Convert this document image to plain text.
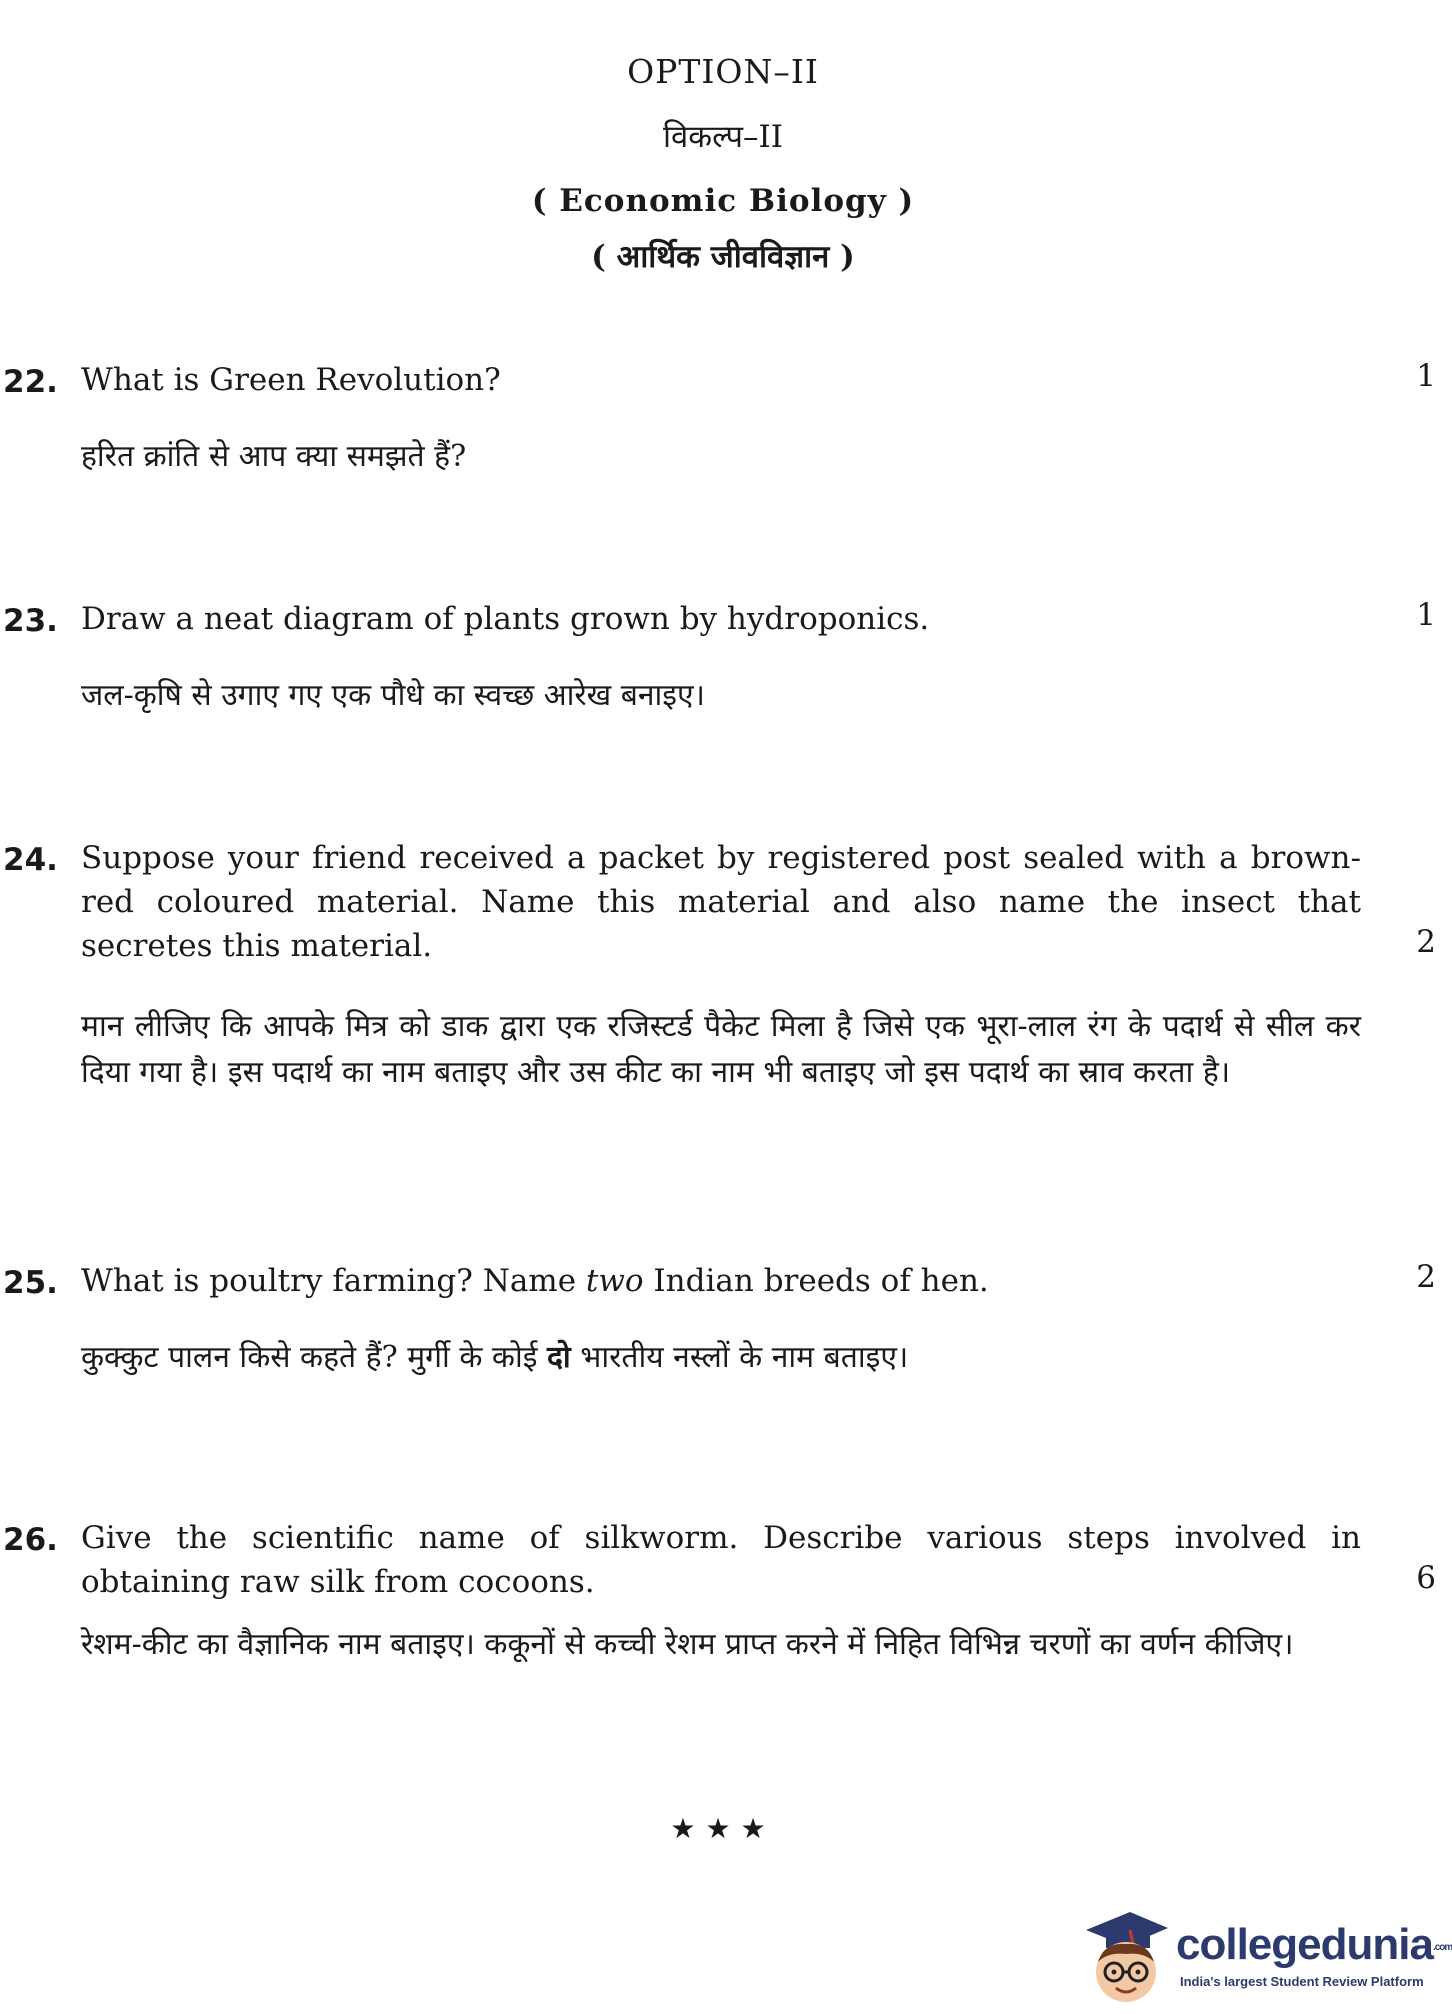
OPTION–II
विकल्प–II
( Economic Biology )
( आर्थिक जीवविज्ञान )
22. What is Green Revolution?	1
हरित क्रांति से आप क्या समझते हैं?
23. Draw a neat diagram of plants grown by hydroponics.	1
जल-कृषि से उगाए गए एक पौधे का स्वच्छ आरेख बनाइए।
24. Suppose your friend received a packet by registered post sealed with a brown-red coloured material. Name this material and also name the insect that secretes this material.	2
मान लीजिए कि आपके मित्र को डाक द्वारा एक रजिस्टर्ड पैकेट मिला है जिसे एक भूरा-लाल रंग के पदार्थ से सील कर दिया गया है। इस पदार्थ का नाम बताइए और उस कीट का नाम भी बताइए जो इस पदार्थ का स्राव करता है।
25. What is poultry farming? Name two Indian breeds of hen.	2
कुक्कुट पालन किसे कहते हैं? मुर्गी के कोई दो भारतीय नस्लों के नाम बताइए।
26. Give the scientific name of silkworm. Describe various steps involved in obtaining raw silk from cocoons.	6
रेशम-कीट का वैज्ञानिक नाम बताइए। ककूनों से कच्ची रेशम प्राप्त करने में निहित विभिन्न चरणों का वर्णन कीजिए।
★★★
collegedunia.com
India's largest Student Review Platform
